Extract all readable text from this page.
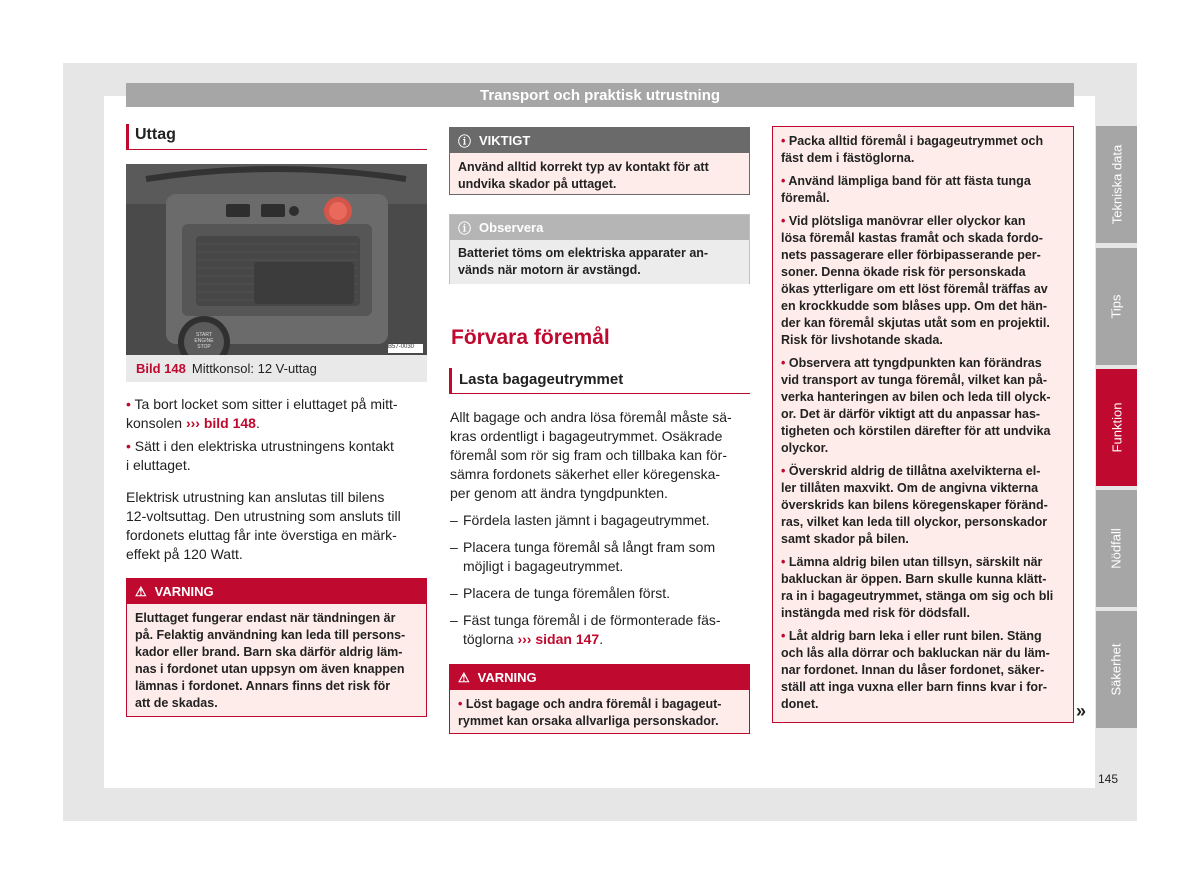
Transport och praktisk utrustning
Uttag
START ENGINE STOP	B57-0030
Bild 148 Mittkonsol: 12 V-uttag
• Ta bort locket som sitter i eluttaget på mitt-
konsolen ››› bild 148.
• Sätt i den elektriska utrustningens kontakt
i eluttaget.
Elektrisk utrustning kan anslutas till bilens
12-voltsuttag. Den utrustning som ansluts till
fordonets eluttag får inte överstiga en märk-
effekt på 120 Watt.
⚠ VARNING
Eluttaget fungerar endast när tändningen är
på. Felaktig användning kan leda till persons-
kador eller brand. Barn ska därför aldrig läm-
nas i fordonet utan uppsyn om även knappen
lämnas i fordonet. Annars finns det risk för
att de skadas.
ⓘ VIKTIGT
Använd alltid korrekt typ av kontakt för att
undvika skador på uttaget.
ⓘ Observera
Batteriet töms om elektriska apparater an-
vänds när motorn är avstängd.
Förvara föremål
Lasta bagageutrymmet
Allt bagage och andra lösa föremål måste sä-
kras ordentligt i bagageutrymmet. Osäkrade
föremål som rör sig fram och tillbaka kan för-
sämra fordonets säkerhet eller köregenska-
per genom att ändra tyngdpunkten.
– Fördela lasten jämnt i bagageutrymmet.
– Placera tunga föremål så långt fram som
möjligt i bagageutrymmet.
– Placera de tunga föremålen först.
– Fäst tunga föremål i de förmonterade fäs-
töglorna ››› sidan 147.
⚠ VARNING
• Löst bagage och andra föremål i bagageut-
rymmet kan orsaka allvarliga personskador.
• Packa alltid föremål i bagageutrymmet och
fäst dem i fästöglorna.
• Använd lämpliga band för att fästa tunga
föremål.
• Vid plötsliga manövrar eller olyckor kan
lösa föremål kastas framåt och skada fordo-
nets passagerare eller förbipasserande per-
soner. Denna ökade risk för personskada
ökas ytterligare om ett löst föremål träffas av
en krockkudde som blåses upp. Om det hän-
der kan föremål skjutas utåt som en projektil.
Risk för livshotande skada.
• Observera att tyngdpunkten kan förändras
vid transport av tunga föremål, vilket kan på-
verka hanteringen av bilen och leda till olyck-
or. Det är därför viktigt att du anpassar has-
tigheten och körstilen därefter för att undvika
olyckor.
• Överskrid aldrig de tillåtna axelvikterna el-
ler tillåten maxvikt. Om de angivna vikterna
överskrids kan bilens köregenskaper föränd-
ras, vilket kan leda till olyckor, personskador
samt skador på bilen.
• Lämna aldrig bilen utan tillsyn, särskilt när
bakluckan är öppen. Barn skulle kunna klätt-
ra in i bagageutrymmet, stänga om sig och bli
instängda med risk för dödsfall.
• Låt aldrig barn leka i eller runt bilen. Stäng
och lås alla dörrar och bakluckan när du läm-
nar fordonet. Innan du låser fordonet, säker-
ställ att inga vuxna eller barn finns kvar i for-
donet.	»
Tekniska data
Tips
Funktion
Nödfall
Säkerhet
145
